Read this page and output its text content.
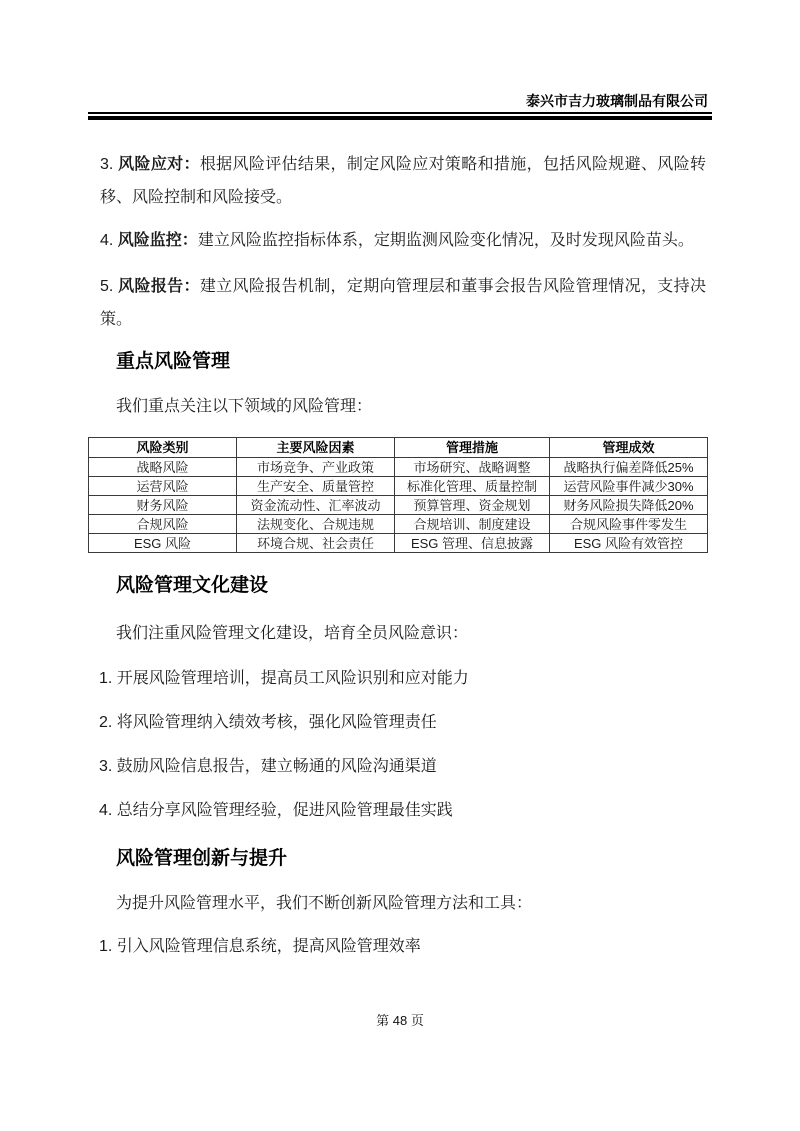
泰兴市吉力玻璃制品有限公司

3. 风险应对：根据风险评估结果，制定风险应对策略和措施，包括风险规避、风险转移、风险控制和风险接受。

4. 风险监控：建立风险监控指标体系，定期监测风险变化情况，及时发现风险苗头。

5. 风险报告：建立风险报告机制，定期向管理层和董事会报告风险管理情况，支持决策。

重点风险管理

我们重点关注以下领域的风险管理：

风险类别	主要风险因素	管理措施	管理成效
战略风险	市场竞争、产业政策	市场研究、战略调整	战略执行偏差降低25%
运营风险	生产安全、质量管控	标准化管理、质量控制	运营风险事件减少30%
财务风险	资金流动性、汇率波动	预算管理、资金规划	财务风险损失降低20%
合规风险	法规变化、合规违规	合规培训、制度建设	合规风险事件零发生
ESG 风险	环境合规、社会责任	ESG 管理、信息披露	ESG 风险有效管控
风险管理文化建设

我们注重风险管理文化建设，培育全员风险意识：

1. 开展风险管理培训，提高员工风险识别和应对能力

2. 将风险管理纳入绩效考核，强化风险管理责任

3. 鼓励风险信息报告，建立畅通的风险沟通渠道

4. 总结分享风险管理经验，促进风险管理最佳实践

风险管理创新与提升

为提升风险管理水平，我们不断创新风险管理方法和工具：

1. 引入风险管理信息系统，提高风险管理效率

第 48 页
